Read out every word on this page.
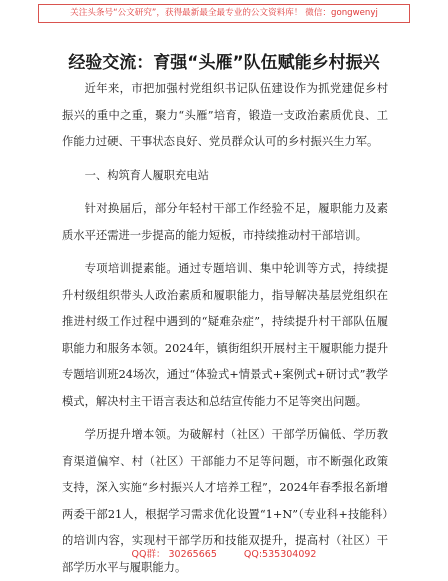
关注头条号“公文研究”，获得最新最全最专业的公文资料库！ 微信：gongwenyj
经验交流：育强“头雁”队伍赋能乡村振兴

近年来，市把加强村党组织书记队伍建设作为抓党建促乡村振兴的重中之重，聚力“头雁”培育，锻造一支政治素质优良、工作能力过硬、干事状态良好、党员群众认可的乡村振兴生力军。

一、构筑育人履职充电站

针对换届后，部分年轻村干部工作经验不足，履职能力及素质水平还需进一步提高的能力短板，市持续推动村干部培训。

专项培训提素能。通过专题培训、集中轮训等方式，持续提升村级组织带头人政治素质和履职能力，指导解决基层党组织在推进村级工作过程中遇到的“疑难杂症”，持续提升村干部队伍履职能力和服务本领。2024年，镇街组织开展村主干履职能力提升专题培训班24场次，通过“体验式+情景式+案例式+研讨式”教学模式，解决村主干语言表达和总结宣传能力不足等突出问题。

学历提升增本领。为破解村（社区）干部学历偏低、学历教育渠道偏窄、村（社区）干部能力不足等问题，市不断强化政策支持，深入实施“乡村振兴人才培养工程”，2024年春季报名新增两委干部21人，根据学习需求优化设置“1+N”（专业科+技能科）的培训内容，实现村干部学历和技能双提升，提高村（社区）干部学历水平与履职能力。

QQ群： 30265665	QQ:535304092
